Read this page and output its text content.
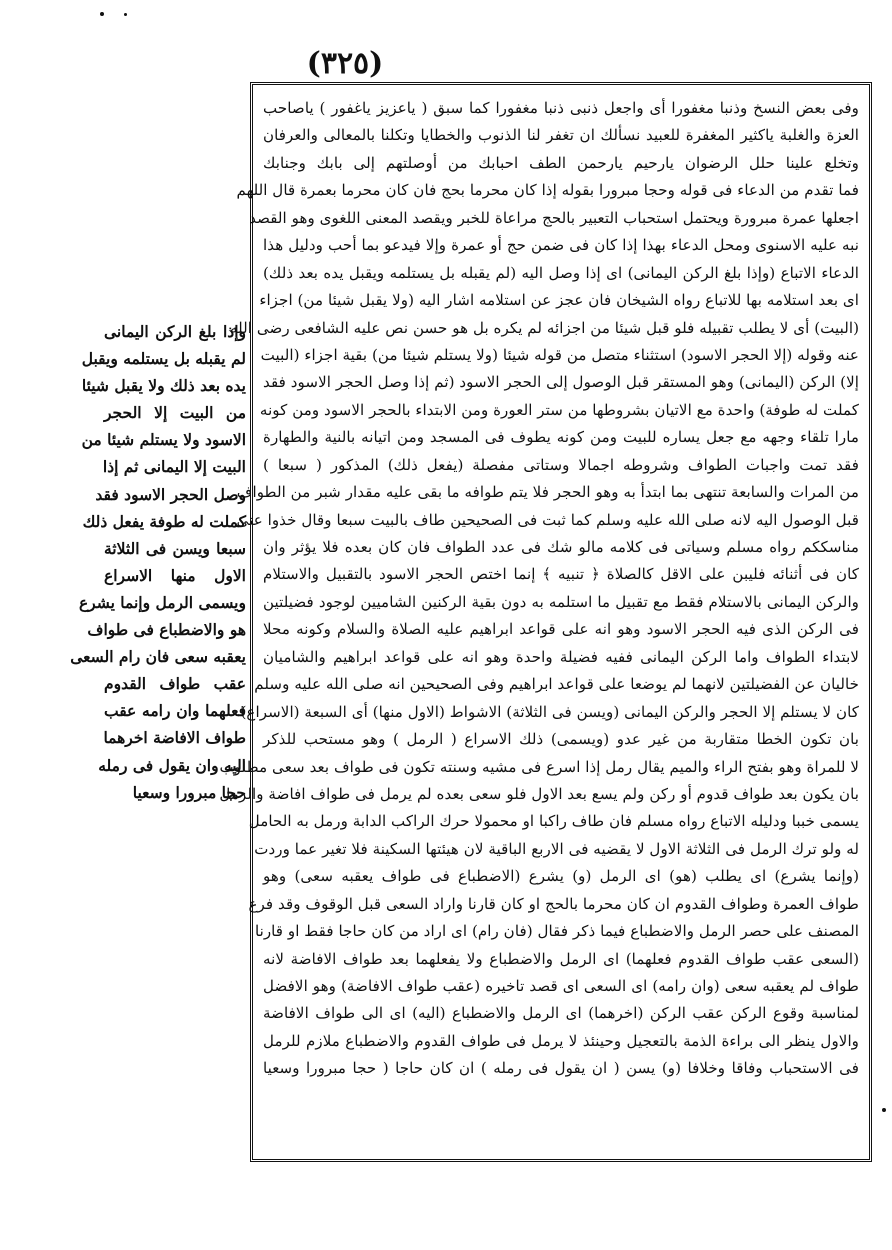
(٣٢٥)
وفى بعض النسخ وذنبا مغفورا أى واجعل ذنبى ذنبا مغفورا كما سبق ( ياعزيز ياغفور ) ياصاحب
العزة والغلبة ياكثير المغفرة للعبيد نسألك ان تغفر لنا الذنوب والخطايا وتكلنا بالمعالى والعرفان
وتخلع علينا حلل الرضوان يارحيم يارحمن الطف احبابك من أوصلتهم إلى بابك وجنابك
فما تقدم من الدعاء فى قوله وحجا مبرورا بقوله إذا كان محرما بحج فان كان محرما بعمرة قال اللهم
اجعلها عمرة مبرورة ويحتمل استحباب التعبير بالحج مراعاة للخبر ويقصد المعنى اللغوى وهو القصد
نبه عليه الاسنوى ومحل الدعاء بهذا إذا كان فى ضمن حج أو عمرة وإلا فيدعو بما أحب ودليل هذا
الدعاء الاتباع (وإذا بلغ الركن اليمانى) اى إذا وصل اليه (لم يقبله بل يستلمه ويقبل يده بعد ذلك)
اى بعد استلامه بها للاتباع رواه الشيخان فان عجز عن استلامه اشار اليه (ولا يقبل شيئا من) اجزاء
(البيت) أى لا يطلب تقبيله فلو قبل شيئا من اجزائه لم يكره بل هو حسن نص عليه الشافعى رضى الله
عنه وقوله (إلا الحجر الاسود) استثناء متصل من قوله شيئا (ولا يستلم شيئا من) بقية اجزاء (البيت
إلا) الركن (اليمانى) وهو المستقر قبل الوصول إلى الحجر الاسود (ثم إذا وصل الحجر الاسود فقد
كملت له طوفة) واحدة مع الاتيان بشروطها من ستر العورة ومن الابتداء بالحجر الاسود ومن كونه
مارا تلقاء وجهه مع جعل يساره للبيت ومن كونه يطوف فى المسجد ومن اتيانه بالنية والطهارة
فقد تمت واجبات الطواف وشروطه اجمالا وستاتى مفصلة (يفعل ذلك) المذكور ( سبعا )
من المرات والسابعة تنتهى بما ابتدأ به وهو الحجر فلا يتم طوافه ما بقى عليه مقدار شبر من الطواف
قبل الوصول اليه لانه صلى الله عليه وسلم كما ثبت فى الصحيحين طاف بالبيت سبعا وقال خذوا عنى
مناسككم رواه مسلم وسياتى فى كلامه مالو شك فى عدد الطواف فان كان بعده فلا يؤثر وان
كان فى أثنائه فليبن على الاقل كالصلاة ﴿ تنبيه ﴾ إنما اختص الحجر الاسود بالتقبيل والاستلام
والركن اليمانى بالاستلام فقط مع تقبيل ما استلمه به دون بقية الركنين الشاميين لوجود فضيلتين
فى الركن الذى فيه الحجر الاسود وهو انه على قواعد ابراهيم عليه الصلاة والسلام وكونه محلا
لابتداء الطواف واما الركن اليمانى ففيه فضيلة واحدة وهو انه على قواعد ابراهيم والشاميان
خاليان عن الفضيلتين لانهما لم يوضعا على قواعد ابراهيم وفى الصحيحين انه صلى الله عليه وسلم
كان لا يستلم إلا الحجر والركن اليمانى (ويسن فى الثلاثة) الاشواط (الاول منها) أى السبعة (الاسراع)
بان تكون الخطا متقاربة من غير عدو (ويسمى) ذلك الاسراع ( الرمل ) وهو مستحب للذكر
لا للمراة وهو بفتح الراء والميم يقال رمل إذا اسرع فى مشيه وسنته تكون فى طواف بعد سعى مطلوب
بان يكون بعد طواف قدوم أو ركن ولم يسع بعد الاول فلو سعى بعده لم يرمل فى طواف افاضة والرمل
يسمى خببا ودليله الاتباع رواه مسلم فان طاف راكبا او محمولا حرك الراكب الدابة ورمل به الحامل
له ولو ترك الرمل فى الثلاثة الاول لا يقضيه فى الاربع الباقية لان هيئتها السكينة فلا تغير عما وردت
(وإنما يشرع) اى يطلب (هو) اى الرمل (و) يشرع (الاضطباع فى طواف يعقبه سعى) وهو
طواف العمرة وطواف القدوم ان كان محرما بالحج او كان قارنا واراد السعى قبل الوقوف وقد فرع
المصنف على حصر الرمل والاضطباع فيما ذكر فقال (فان رام) اى اراد من كان حاجا فقط او قارنا
(السعى عقب طواف القدوم فعلهما) اى الرمل والاضطباع ولا يفعلهما بعد طواف الافاضة لانه
طواف لم يعقبه سعى (وان رامه) اى السعى اى قصد تاخيره (عقب طواف الافاضة) وهو الافضل
لمناسبة وقوع الركن عقب الركن (اخرهما) اى الرمل والاضطباع (اليه) اى الى طواف الافاضة
والاول ينظر الى براءة الذمة بالتعجيل وحينئذ لا يرمل فى طواف القدوم والاضطباع ملازم للرمل
فى الاستحباب وفاقا وخلافا (و) يسن ( ان يقول فى رمله ) ان كان حاجا ( حجا مبرورا وسعيا
وإذا بلغ الركن اليمانى
لم يقبله بل يستلمه ويقبل
يده بعد ذلك ولا يقبل شيئا
من البيت إلا الحجر
الاسود ولا يستلم شيئا من
البيت إلا اليمانى ثم إذا
وصل الحجر الاسود فقد
كملت له طوفة يفعل ذلك
سبعا ويسن فى الثلاثة
الاول منها الاسراع
ويسمى الرمل وإنما يشرع
هو والاضطباع فى طواف
يعقبه سعى فان رام السعى
عقب طواف القدوم
فعلهما وان رامه عقب
طواف الافاضة اخرهما
اليه وان يقول فى رمله
حجا مبرورا وسعيا
